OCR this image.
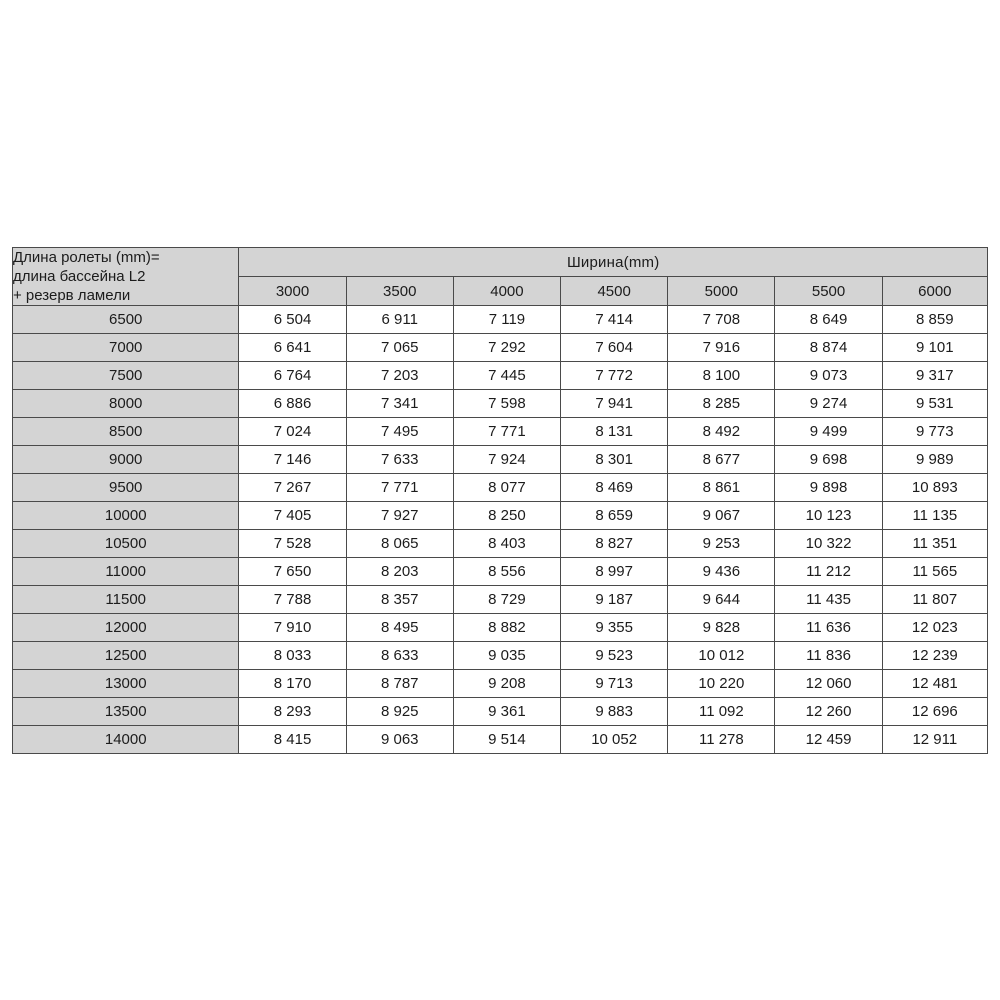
Длина ролеты (mm)=
длина бассейна L2
+ резерв ламели	Ширина(mm)						
	3000	3500	4000	4500	5000	5500	6000
6500	6 504	6 911	7 119	7 414	7 708	8 649	8 859
7000	6 641	7 065	7 292	7 604	7 916	8 874	9 101
7500	6 764	7 203	7 445	7 772	8 100	9 073	9 317
8000	6 886	7 341	7 598	7 941	8 285	9 274	9 531
8500	7 024	7 495	7 771	8 131	8 492	9 499	9 773
9000	7 146	7 633	7 924	8 301	8 677	9 698	9 989
9500	7 267	7 771	8 077	8 469	8 861	9 898	10 893
10000	7 405	7 927	8 250	8 659	9 067	10 123	11 135
10500	7 528	8 065	8 403	8 827	9 253	10 322	11 351
11000	7 650	8 203	8 556	8 997	9 436	11 212	11 565
11500	7 788	8 357	8 729	9 187	9 644	11 435	11 807
12000	7 910	8 495	8 882	9 355	9 828	11 636	12 023
12500	8 033	8 633	9 035	9 523	10 012	11 836	12 239
13000	8 170	8 787	9 208	9 713	10 220	12 060	12 481
13500	8 293	8 925	9 361	9 883	11 092	12 260	12 696
14000	8 415	9 063	9 514	10 052	11 278	12 459	12 911
